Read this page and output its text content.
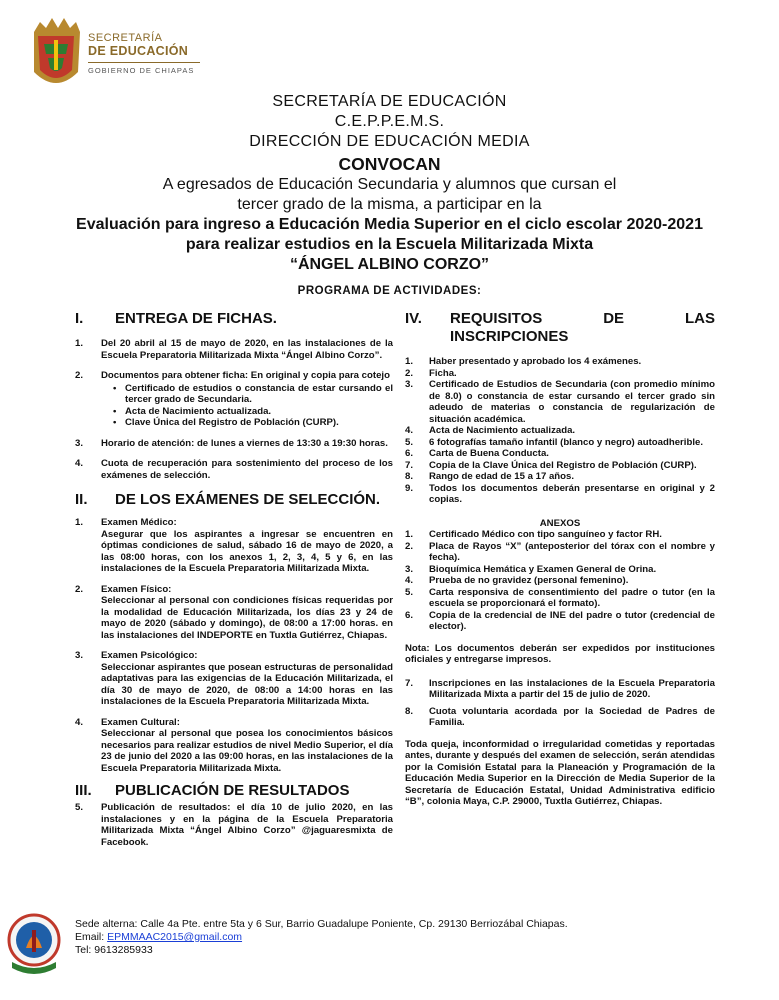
SECRETARÍA
DE EDUCACIÓN
GOBIERNO DE CHIAPAS
SECRETARÍA DE EDUCACIÓN
C.E.P.P.E.M.S.
DIRECCIÓN DE EDUCACIÓN MEDIA
CONVOCAN
A egresados de Educación Secundaria y alumnos que cursan el
tercer grado de la misma, a participar en la
Evaluación para ingreso a Educación Media Superior en el ciclo escolar 2020-2021
para realizar estudios en la Escuela Militarizada Mixta
“ÁNGEL ALBINO CORZO”
PROGRAMA DE ACTIVIDADES:
I.	ENTREGA DE FICHAS.
1.	Del 20 abril al 15 de mayo de 2020, en las instalaciones de la Escuela Preparatoria Militarizada Mixta “Ángel Albino Corzo”.
2.	Documentos para obtener ficha: En original y copia para cotejo
• Certificado de estudios o constancia de estar cursando el tercer grado de Secundaria.
• Acta de Nacimiento actualizada.
• Clave Única del Registro de Población (CURP).
3.	Horario de atención: de lunes a viernes de 13:30 a 19:30 horas.
4.	Cuota de recuperación para sostenimiento del proceso de los exámenes de selección.
II.	DE LOS EXÁMENES DE SELECCIÓN.
1.	Examen Médico:
Asegurar que los aspirantes a ingresar se encuentren en óptimas condiciones de salud, sábado 16 de mayo de 2020, a las 08:00 horas, con los anexos 1, 2, 3, 4, 5 y 6, en las instalaciones de la Escuela Preparatoria Militarizada Mixta.
2.	Examen Físico:
Seleccionar al personal con condiciones físicas requeridas por la modalidad de Educación Militarizada, los días 23 y 24 de mayo de 2020 (sábado y domingo), de 08:00 a 17:00 horas. en las instalaciones del INDEPORTE en Tuxtla Gutiérrez, Chiapas.
3.	Examen Psicológico:
Seleccionar aspirantes que posean estructuras de personalidad adaptativas para las exigencias de la Educación Militarizada, el día 30 de mayo de 2020, de 08:00 a 14:00 horas en las instalaciones de la Escuela Preparatoria Militarizada Mixta.
4.	Examen Cultural:
Seleccionar al personal que posea los conocimientos básicos necesarios para realizar estudios de nivel Medio Superior, el día 23 de junio del 2020 a las 09:00 horas, en las instalaciones de la Escuela Preparatoria Militarizada Mixta.
III.	PUBLICACIÓN DE RESULTADOS
5.	Publicación de resultados: el día 10 de julio 2020, en las instalaciones y en la página de la Escuela Preparatoria Militarizada Mixta “Ángel Albino Corzo” @jaguaresmixta de Facebook.
IV.	REQUISITOS	DE	LAS
INSCRIPCIONES
1.	Haber presentado y aprobado los 4 exámenes.
2.	Ficha.
3.	Certificado de Estudios de Secundaria (con promedio mínimo de 8.0) o constancia de estar cursando el tercer grado sin adeudo de materias o constancia de regularización de situación académica.
4.	Acta de Nacimiento actualizada.
5.	6 fotografías tamaño infantil (blanco y negro) autoadherible.
6.	Carta de Buena Conducta.
7.	Copia de la Clave Única del Registro de Población (CURP).
8.	Rango de edad de 15 a 17 años.
9.	Todos los documentos deberán presentarse en original y 2 copias.
ANEXOS
1.	Certificado Médico con tipo sanguíneo y factor RH.
2.	Placa de Rayos “X” (anteposterior del tórax con el nombre y fecha).
3.	Bioquímica Hemática y Examen General de Orina.
4.	Prueba de no gravidez (personal femenino).
5.	Carta responsiva de consentimiento del padre o tutor (en la escuela se proporcionará el formato).
6.	Copia de la credencial de INE del padre o tutor (credencial de elector).
Nota: Los documentos deberán ser expedidos por instituciones oficiales y entregarse impresos.
7.	Inscripciones en las instalaciones de la Escuela Preparatoria Militarizada Mixta a partir del 15 de julio de 2020.
8.	Cuota voluntaria acordada por la Sociedad de Padres de Familia.
Toda queja, inconformidad o irregularidad cometidas y reportadas antes, durante y después del examen de selección, serán atendidas por la Comisión Estatal para la Planeación y Programación de la Educación Media Superior en la Dirección de Media Superior de la Secretaría de Educación Estatal, Unidad Administrativa edificio “B”, colonia Maya, C.P. 29000, Tuxtla Gutiérrez, Chiapas.
Sede alterna: Calle 4a Pte. entre 5ta y 6 Sur, Barrio Guadalupe Poniente, Cp. 29130 Berriozábal Chiapas.
Email: EPMMAAC2015@gmail.com
Tel: 9613285933
